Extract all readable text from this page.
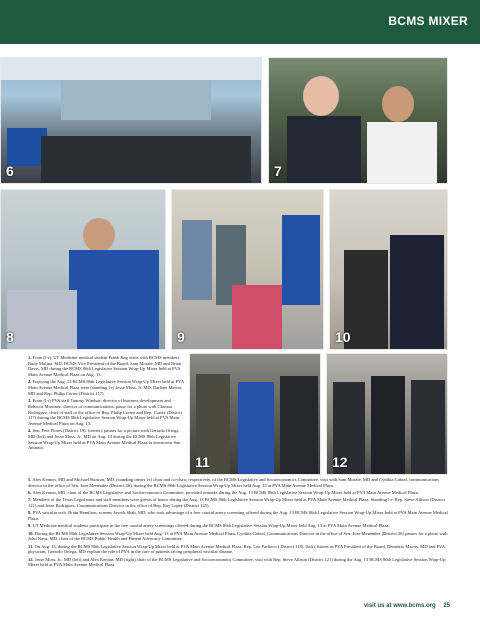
BCMS MIXER
6	7
8	9	10
11	12

1. From (l-r): UT Medicine medical student Frank Jing visits with BCMS members Rudy Molina, MD, BCMS Vice President of the Board, Sam Morale, MD and Brian Davis, MD during the BCMS 86th Legislative Session Wrap-Up Mixer held at PVA Main Avenue Medical Plaza on Aug. 13.

2. Enjoying the Aug. 13 BCMS 86th Legislative Session Wrap-Up Mixer held at PVA Main Avenue Medical Plaza were (standing l-r) Jesse Moss, Jr. MD, Darlene Mercer, MD and Rep. Philip Cortez (District 117).

3. From (l-r) PVA staff Tammy Windsor, director of business development and Rebecca Martinez, director of communications, pause for a photo with Clarissa Rodriguez, chief of staff to the office of Rep. Philip Cortez and Rep. Cortez (District 117) during the BCMS 86th Legislative Session Wrap-Up Mixer held at PVA Main Avenue Medical Plaza on Aug. 13.

4. Sen. Pete Flores (District 19), (center), pauses for a picture with Gerardo Ortega, MD (left) and Jesse Moss, Jr., MD on Aug. 13 during the BCMS 86th Legislative Session Wrap-Up Mixer held at PVA Main Avenue Medical Plaza in downtown San Antonio.

5. Alex Kenton, MD and Michael Buriron, MD, (standing center l-r) chair and co-chair, respectively, of the BCMS Legislative and Socioeconomics Committee, visit with Sam Morale, MD and Cynthia Cabral, communications director in the office of Sen. Jose Menendez (District 26), during the BCMS 86th Legislative Session Wrap-Up Mixer held Aug. 13 at PVA Main Avenue Medical Plaza.

6. Alex Kenton, MD, chair of the BCMS Legislative and Socioeconomics Committee, provided remarks during the Aug. 13 BCMS 86th Legislative Session Wrap-Up Mixer held at PVA Main Avenue Medical Plaza.

7. Members of the Texas Legislature and staff members were guests of honor during the Aug. 13 BCMS 86th Legislative Session Wrap-Up Mixer held at PVA Main Avenue Medical Plaza. Standing l-r: Rep. Steve Allison (District 121) and Jesse Rodriguez, Communications Director in the office of Rep. Ray Lopez (District 125).

8. PVA vascular tech, Brian Hemilton, screens Jayesh Shah, MD, who took advantage of a free carotid artery screening offered during the Aug. 13 BCMS 86th Legislative Session Wrap-Up Mixer held at PVA Main Avenue Medical Plaza.

9. UT Medicine medical students participate in the free carotid artery screenings offered during the BCMS 86th Legislative Session Wrap-Up Mixer held Aug. 13 at PVA Main Avenue Medical Plaza.

10. During the BCMS 86th Legislative Session Wrap-Up Mixer held Aug. 13 at PVA Main Avenue Medical Plaza, Cynthia Cabral, Communications Director in the office of Sen. Jose Menendez (District 26) pauses for a photo with John Nava, MD, chair of the BCMS Public Health and Patient Advocacy Committee.

11. On Aug. 13, during the BCMS 86th Legislative Session Wrap-Up Mixer held at PVA Main Avenue Medical Plaza, Rep. Leo Pacheco ( District 118), (left), listens as PVA President of the Board, Demetrio Macris, MD and PVA physician, Gerardo Ortega, MD explain the role of PVA in the care of patients facing peripheral vascular disease.

12. Jesse Moss, Jr., MD (left) and Alex Kenton, MD (right) chair of the BCMS Legislative and Socioeconomics Committee, visit with Rep. Steve Allison (District 121) during the Aug. 13 BCMS 86th Legislative Session Wrap-Up Mixer held at PVA Main Avenue Medical Plaza.

visit us at www.bcms.org 25
